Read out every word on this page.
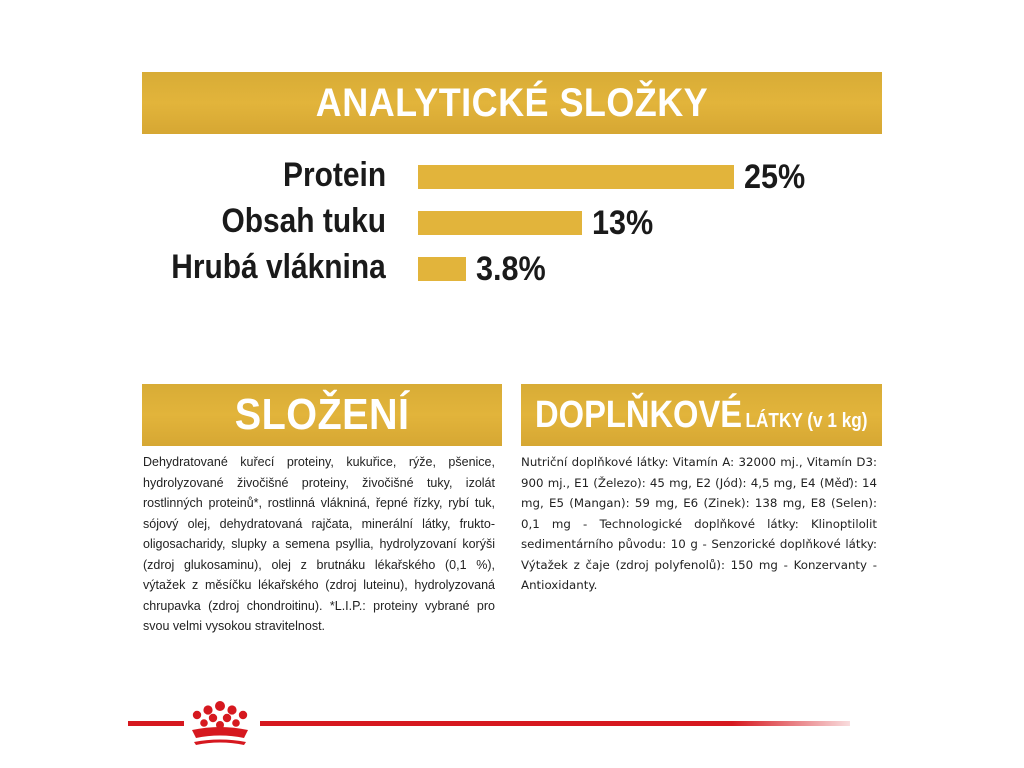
ANALYTICKÉ SLOŽKY
Protein	25%
Obsah tuku	13%
Hrubá vláknina	3.8%
SLOŽENÍ
Dehydratované kuřecí proteiny, kukuřice, rýže, pšenice, hydrolyzované živočišné proteiny, živočišné tuky, izolát rostlinných proteinů*, rostlinná vlákniná, řepné řízky, rybí tuk, sójový olej, dehydratovaná rajčata, minerální látky, frukto-oligosacharidy, slupky a semena psyllia, hydrolyzovaní korýši (zdroj glukosaminu), olej z brutnáku lékařského (0,1 %), výtažek z měsíčku lékařského (zdroj luteinu), hydrolyzovaná chrupavka (zdroj chondroitinu). *L.I.P.: proteiny vybrané pro svou velmi vysokou stravitelnost.
DOPLŇKOVÉ LÁTKY (v 1 kg)
Nutriční doplňkové látky: Vitamín A: 32000 mj., Vitamín D3: 900 mj., E1 (Železo): 45 mg, E2 (Jód): 4,5 mg, E4 (Měď): 14 mg, E5 (Mangan): 59 mg, E6 (Zinek): 138 mg, E8 (Selen): 0,1 mg - Technologické doplňkové látky: Klinoptilolit sedimentárního původu: 10 g - Senzorické doplňkové látky: Výtažek z čaje (zdroj polyfenolů): 150 mg - Konzervanty - Antioxidanty.
